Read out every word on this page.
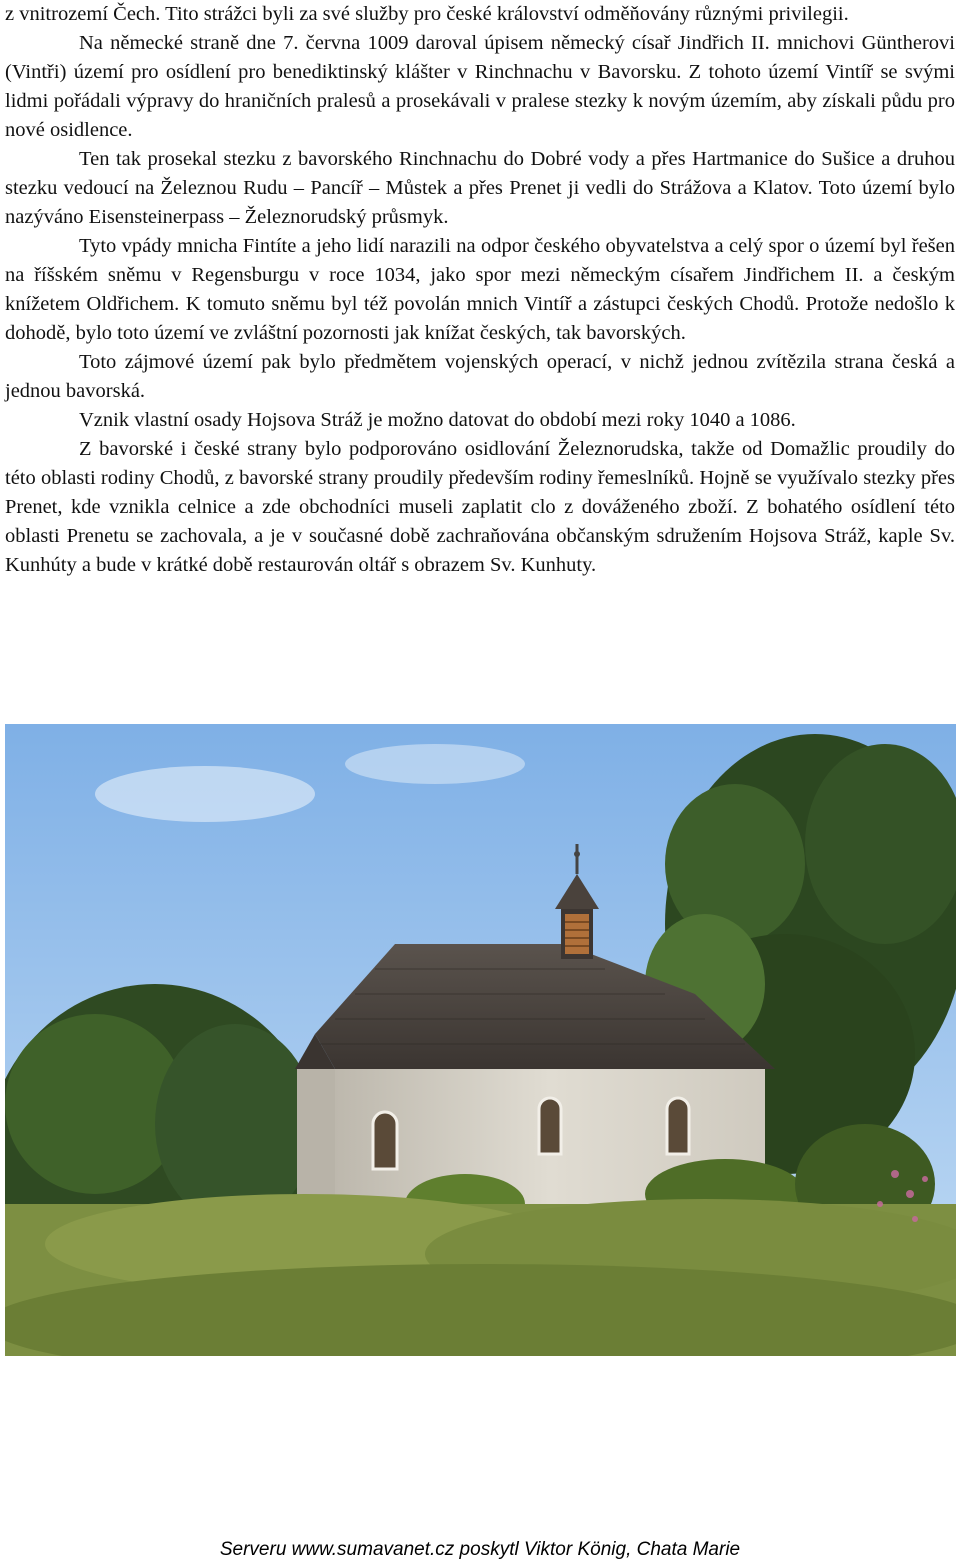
z vnitrozemí Čech. Tito strážci byli za své služby pro české království odměňovány různými privilegii.

Na německé straně dne 7. června 1009 daroval úpisem německý císař Jindřich II. mnichovi Güntherovi (Vintři) území pro osídlení pro benediktinský klášter v Rinchnachu v Bavorsku. Z tohoto území Vintíř se svými lidmi pořádali výpravy do hraničních pralesů a prosekávali v pralese stezky k novým územím, aby získali půdu pro nové osidlence.

Ten tak prosekal stezku z bavorského Rinchnachu do Dobré vody a přes Hartmanice do Sušice a druhou stezku vedoucí na Železnou Rudu – Pancíř – Můstek a přes Prenet ji vedli do Strážova a Klatov. Toto území bylo nazýváno Eisensteinerpass – Železnorudský průsmyk.

Tyto vpády mnicha Fintíte a jeho lidí narazili na odpor českého obyvatelstva a celý spor o území byl řešen na říšském sněmu v Regensburgu v roce 1034, jako spor mezi německým císařem Jindřichem II. a českým knížetem Oldřichem. K tomuto sněmu byl též povolán mnich Vintíř a zástupci českých Chodů. Protože nedošlo k dohodě, bylo toto území ve zvláštní pozornosti jak knížat českých, tak bavorských.

Toto zájmové území pak bylo předmětem vojenských operací, v nichž jednou zvítězila strana česká a jednou bavorská.

Vznik vlastní osady Hojsova Stráž je možno datovat do období mezi roky 1040 a 1086.

Z bavorské i české strany bylo podporováno osidlování Železnorudska, takže od Domažlic proudily do této oblasti rodiny Chodů, z bavorské strany proudily především rodiny řemeslníků. Hojně se využívalo stezky přes Prenet, kde vznikla celnice a zde obchodníci museli zaplatit clo z dováženého zboží. Z bohatého osídlení této oblasti Prenetu se zachovala, a je v současné době zachraňována občanským sdružením Hojsova Stráž, kaple Sv. Kunhúty a bude v krátké době restaurován oltář s obrazem Sv. Kunhuty.

Serveru www.sumavanet.cz poskytl Viktor König, Chata Marie
